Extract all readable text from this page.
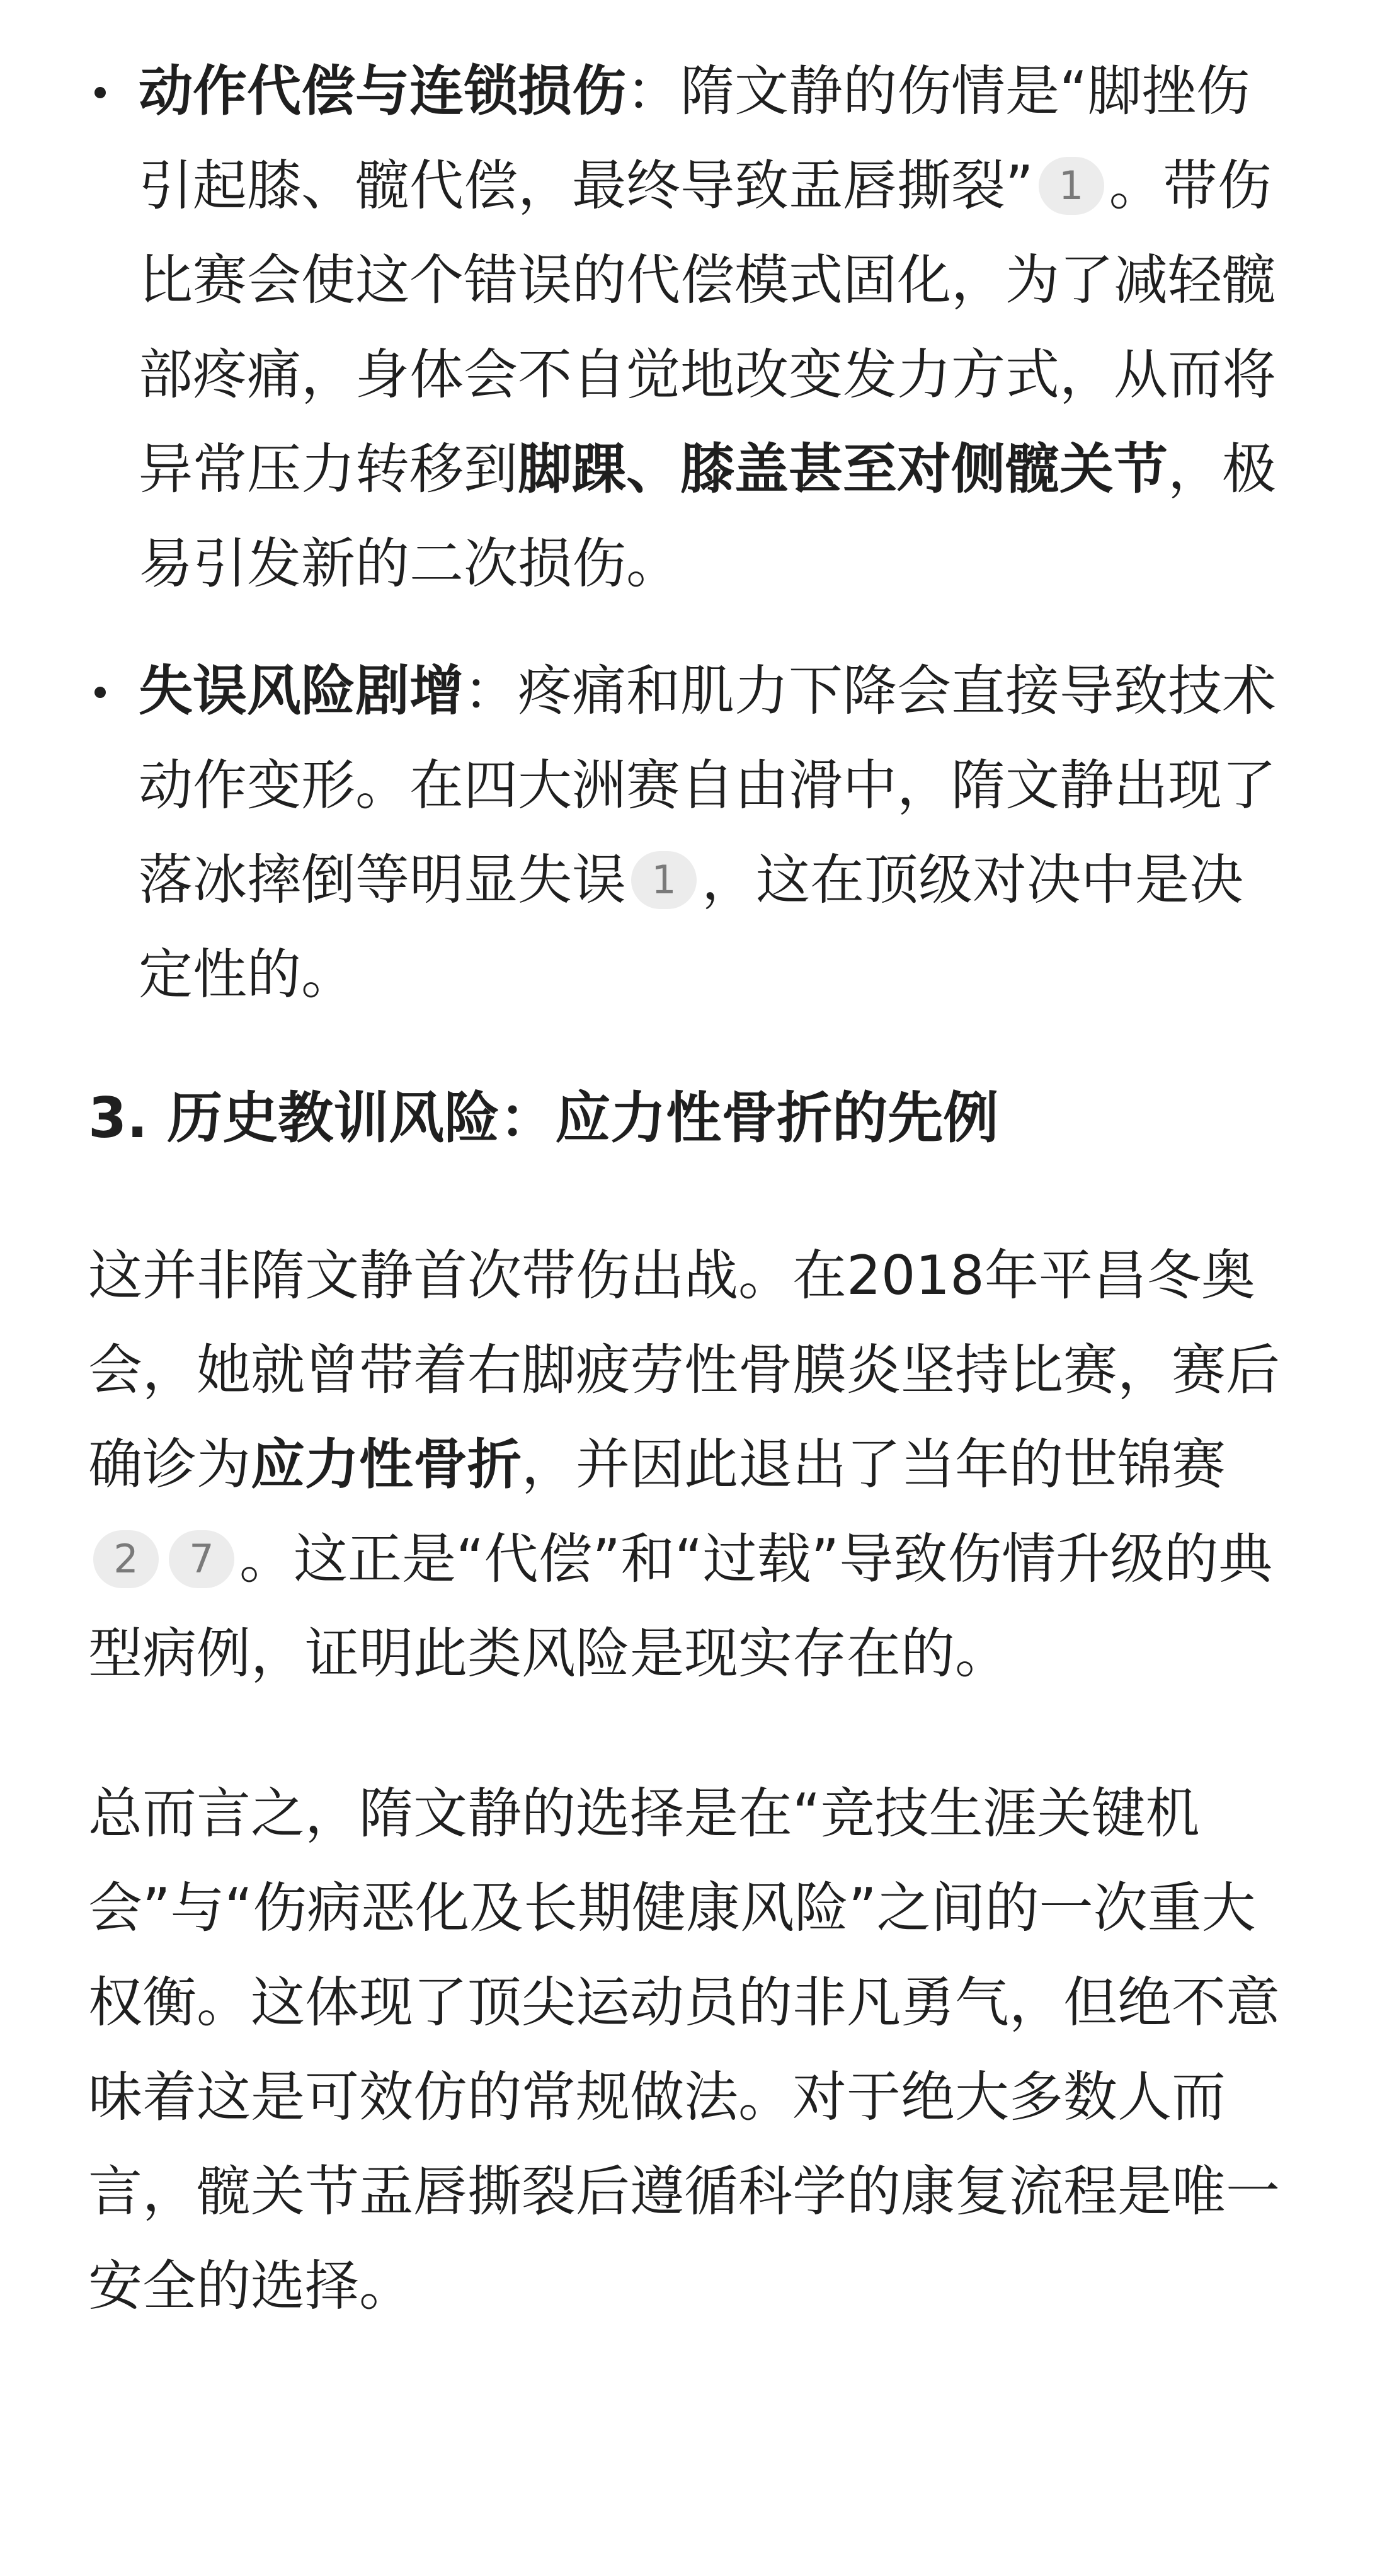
动作代偿与连锁损伤：隋文静的伤情是“脚挫伤引起膝、髋代偿，最终导致盂唇撕裂” 1 。带伤比赛会使这个错误的代偿模式固化，为了减轻髋部疼痛，身体会不自觉地改变发力方式，从而将异常压力转移到脚踝、膝盖甚至对侧髋关节，极易引发新的二次损伤。
失误风险剧增：疼痛和肌力下降会直接导致技术动作变形。在四大洲赛自由滑中，隋文静出现了落冰摔倒等明显失误 1 ，这在顶级对决中是决定性的。
3. 历史教训风险：应力性骨折的先例

这并非隋文静首次带伤出战。在2018年平昌冬奥会，她就曾带着右脚疲劳性骨膜炎坚持比赛，赛后确诊为应力性骨折，并因此退出了当年的世锦赛2 7 。这正是“代偿”和“过载”导致伤情升级的典型病例，证明此类风险是现实存在的。

总而言之，隋文静的选择是在“竞技生涯关键机会”与“伤病恶化及长期健康风险”之间的一次重大权衡。这体现了顶尖运动员的非凡勇气，但绝不意味着这是可效仿的常规做法。对于绝大多数人而言，髋关节盂唇撕裂后遵循科学的康复流程是唯一安全的选择。
